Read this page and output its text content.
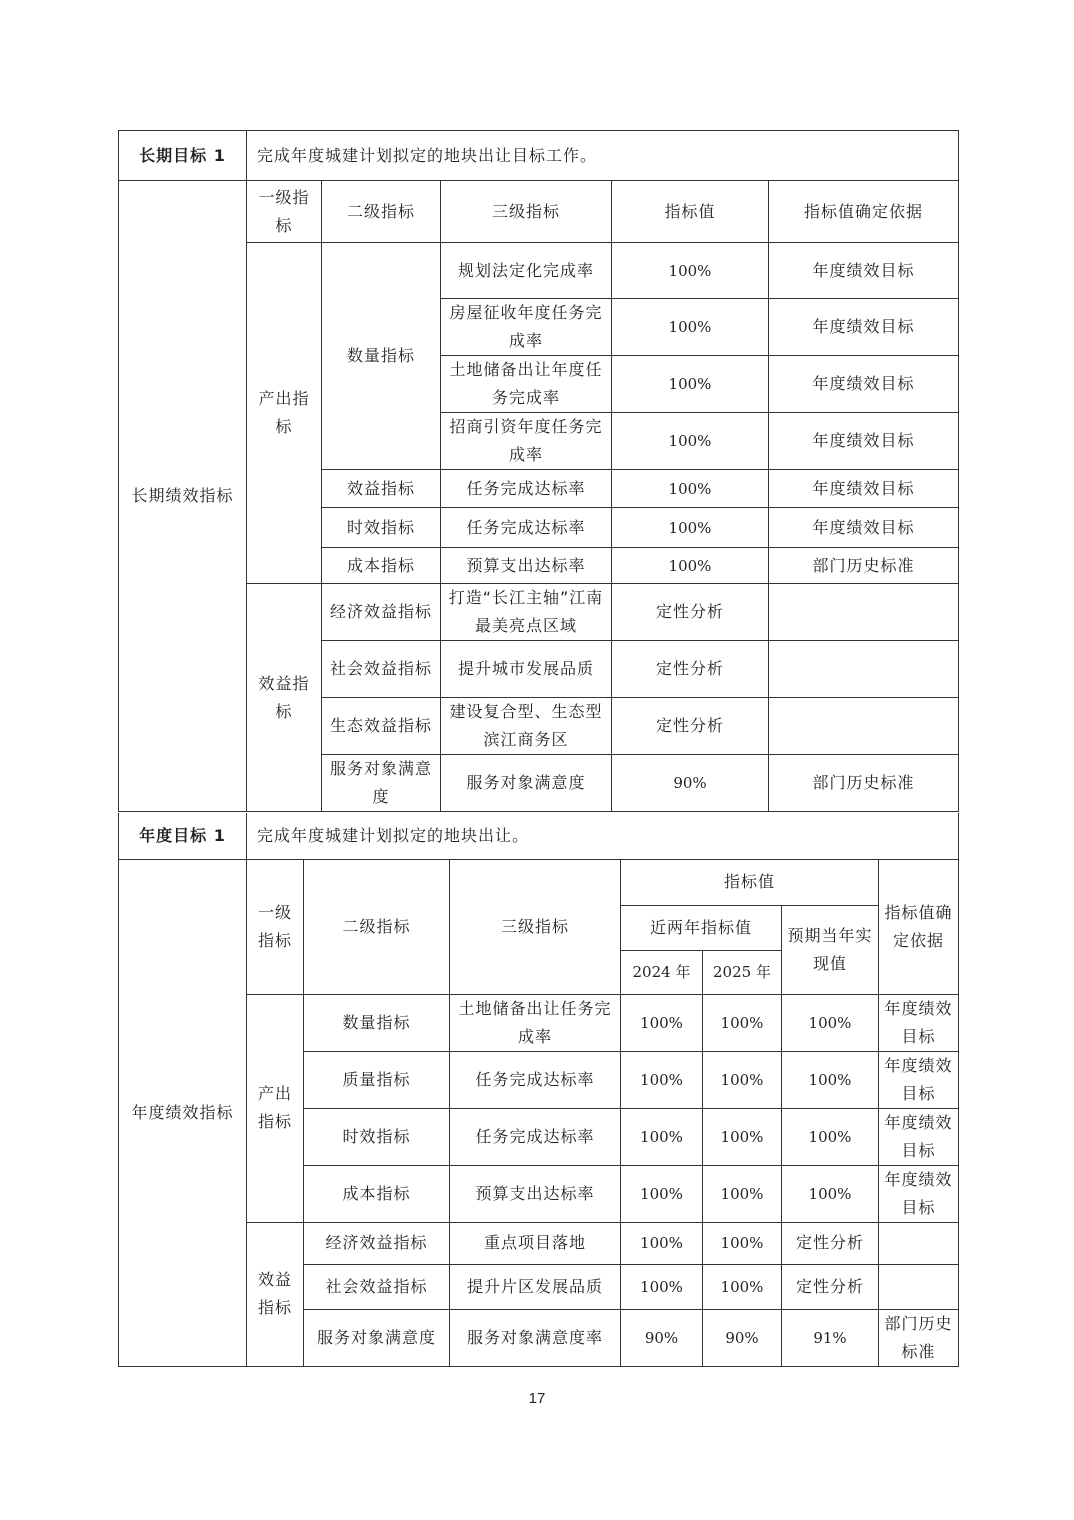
长期目标 1	完成年度城建计划拟定的地块出让目标工作。				
长期绩效指标	一级指标	二级指标	三级指标	指标值	指标值确定依据
	产出指标	数量指标	规划法定化完成率	100%	年度绩效目标
			房屋征收年度任务完成率	100%	年度绩效目标
			土地储备出让年度任务完成率	100%	年度绩效目标
			招商引资年度任务完成率	100%	年度绩效目标
		效益指标	任务完成达标率	100%	年度绩效目标
		时效指标	任务完成达标率	100%	年度绩效目标
		成本指标	预算支出达标率	100%	部门历史标准
	效益指标	经济效益指标	打造“长江主轴”江南最美亮点区域	定性分析	
		社会效益指标	提升城市发展品质	定性分析	
		生态效益指标	建设复合型、生态型滨江商务区	定性分析	
		服务对象满意度	服务对象满意度	90%	部门历史标准
年度目标 1	完成年度城建计划拟定的地块出让。						
年度绩效指标	一级指标	二级指标	三级指标	指标值			指标值确定依据
				近两年指标值		预期当年实现值	
				2024 年	2025 年		
	产出指标	数量指标	土地储备出让任务完成率	100%	100%	100%	年度绩效目标
		质量指标	任务完成达标率	100%	100%	100%	年度绩效目标
		时效指标	任务完成达标率	100%	100%	100%	年度绩效目标
		成本指标	预算支出达标率	100%	100%	100%	年度绩效目标
	效益指标	经济效益指标	重点项目落地	100%	100%	定性分析	
		社会效益指标	提升片区发展品质	100%	100%	定性分析	
		服务对象满意度	服务对象满意度率	90%	90%	91%	部门历史标准
17
